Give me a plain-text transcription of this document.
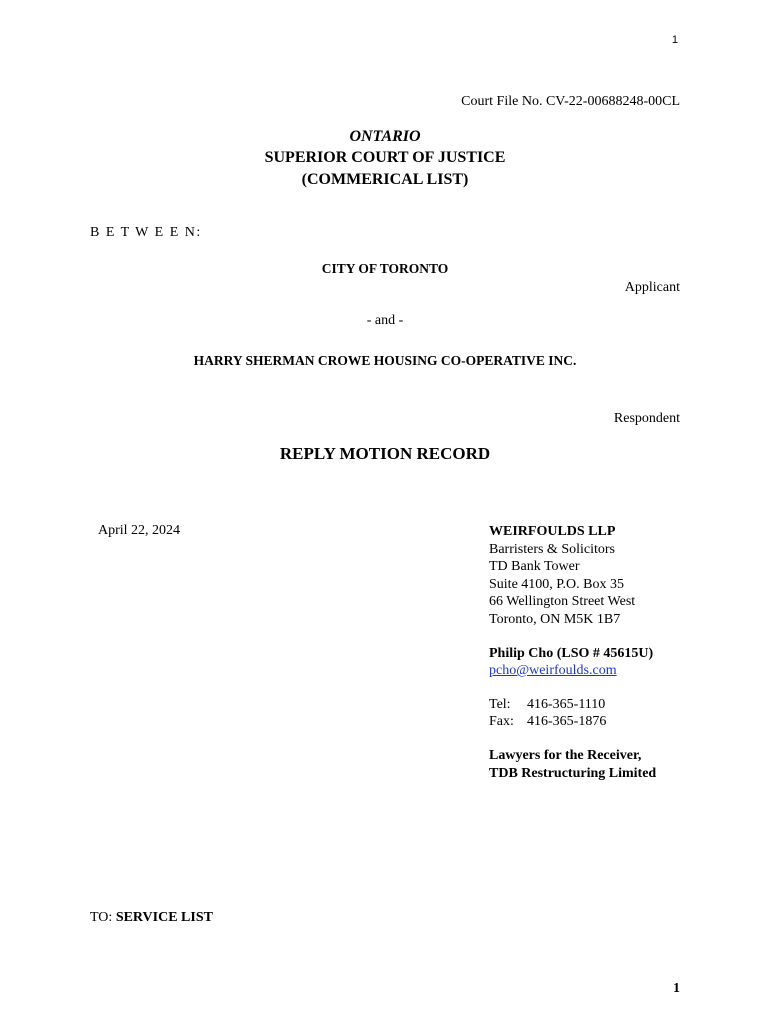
1
Court File No. CV-22-00688248-00CL
ONTARIO
SUPERIOR COURT OF JUSTICE
(COMMERICAL LIST)
B E T W E E N:
CITY OF TORONTO
Applicant
- and -
HARRY SHERMAN CROWE HOUSING CO-OPERATIVE INC.
Respondent
REPLY MOTION RECORD
April 22, 2024	WEIRFOULDS LLP
Barristers & Solicitors
TD Bank Tower
Suite 4100, P.O. Box 35
66 Wellington Street West
Toronto, ON M5K 1B7
Philip Cho (LSO # 45615U)
pcho@weirfoulds.com
Tel: 416-365-1110
Fax: 416-365-1876
Lawyers for the Receiver,
TDB Restructuring Limited
TO: SERVICE LIST
1
